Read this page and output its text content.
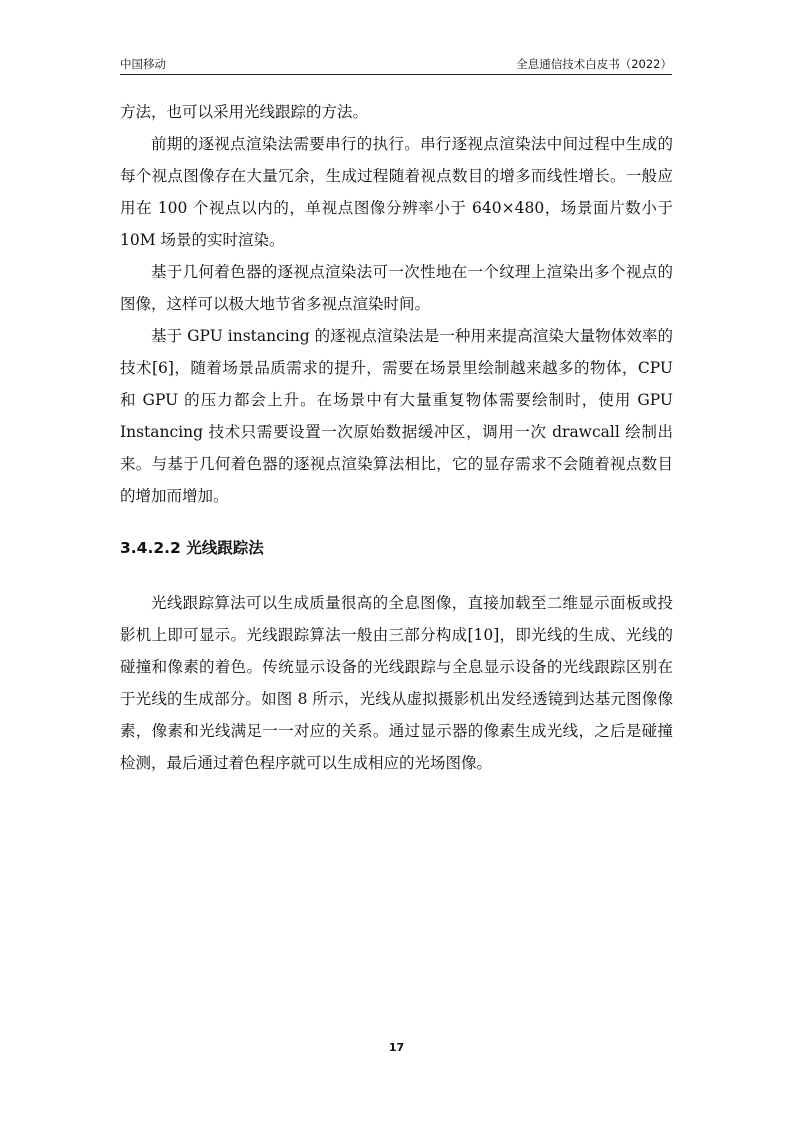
中国移动	全息通信技术白皮书（2022）

方法，也可以采用光线跟踪的方法。

前期的逐视点渲染法需要串行的执行。串行逐视点渲染法中间过程中生成的每个视点图像存在大量冗余，生成过程随着视点数目的增多而线性增长。一般应用在 100 个视点以内的，单视点图像分辨率小于 640×480，场景面片数小于 10M 场景的实时渲染。

基于几何着色器的逐视点渲染法可一次性地在一个纹理上渲染出多个视点的图像，这样可以极大地节省多视点渲染时间。

基于 GPU instancing 的逐视点渲染法是一种用来提高渲染大量物体效率的技术[6]，随着场景品质需求的提升，需要在场景里绘制越来越多的物体，CPU 和 GPU 的压力都会上升。在场景中有大量重复物体需要绘制时，使用 GPU Instancing 技术只需要设置一次原始数据缓冲区，调用一次 drawcall 绘制出来。与基于几何着色器的逐视点渲染算法相比，它的显存需求不会随着视点数目的增加而增加。

3.4.2.2 光线跟踪法

光线跟踪算法可以生成质量很高的全息图像，直接加载至二维显示面板或投影机上即可显示。光线跟踪算法一般由三部分构成[10]，即光线的生成、光线的碰撞和像素的着色。传统显示设备的光线跟踪与全息显示设备的光线跟踪区别在于光线的生成部分。如图 8 所示，光线从虚拟摄影机出发经透镜到达基元图像像素，像素和光线满足一一对应的关系。通过显示器的像素生成光线，之后是碰撞检测，最后通过着色程序就可以生成相应的光场图像。

17
